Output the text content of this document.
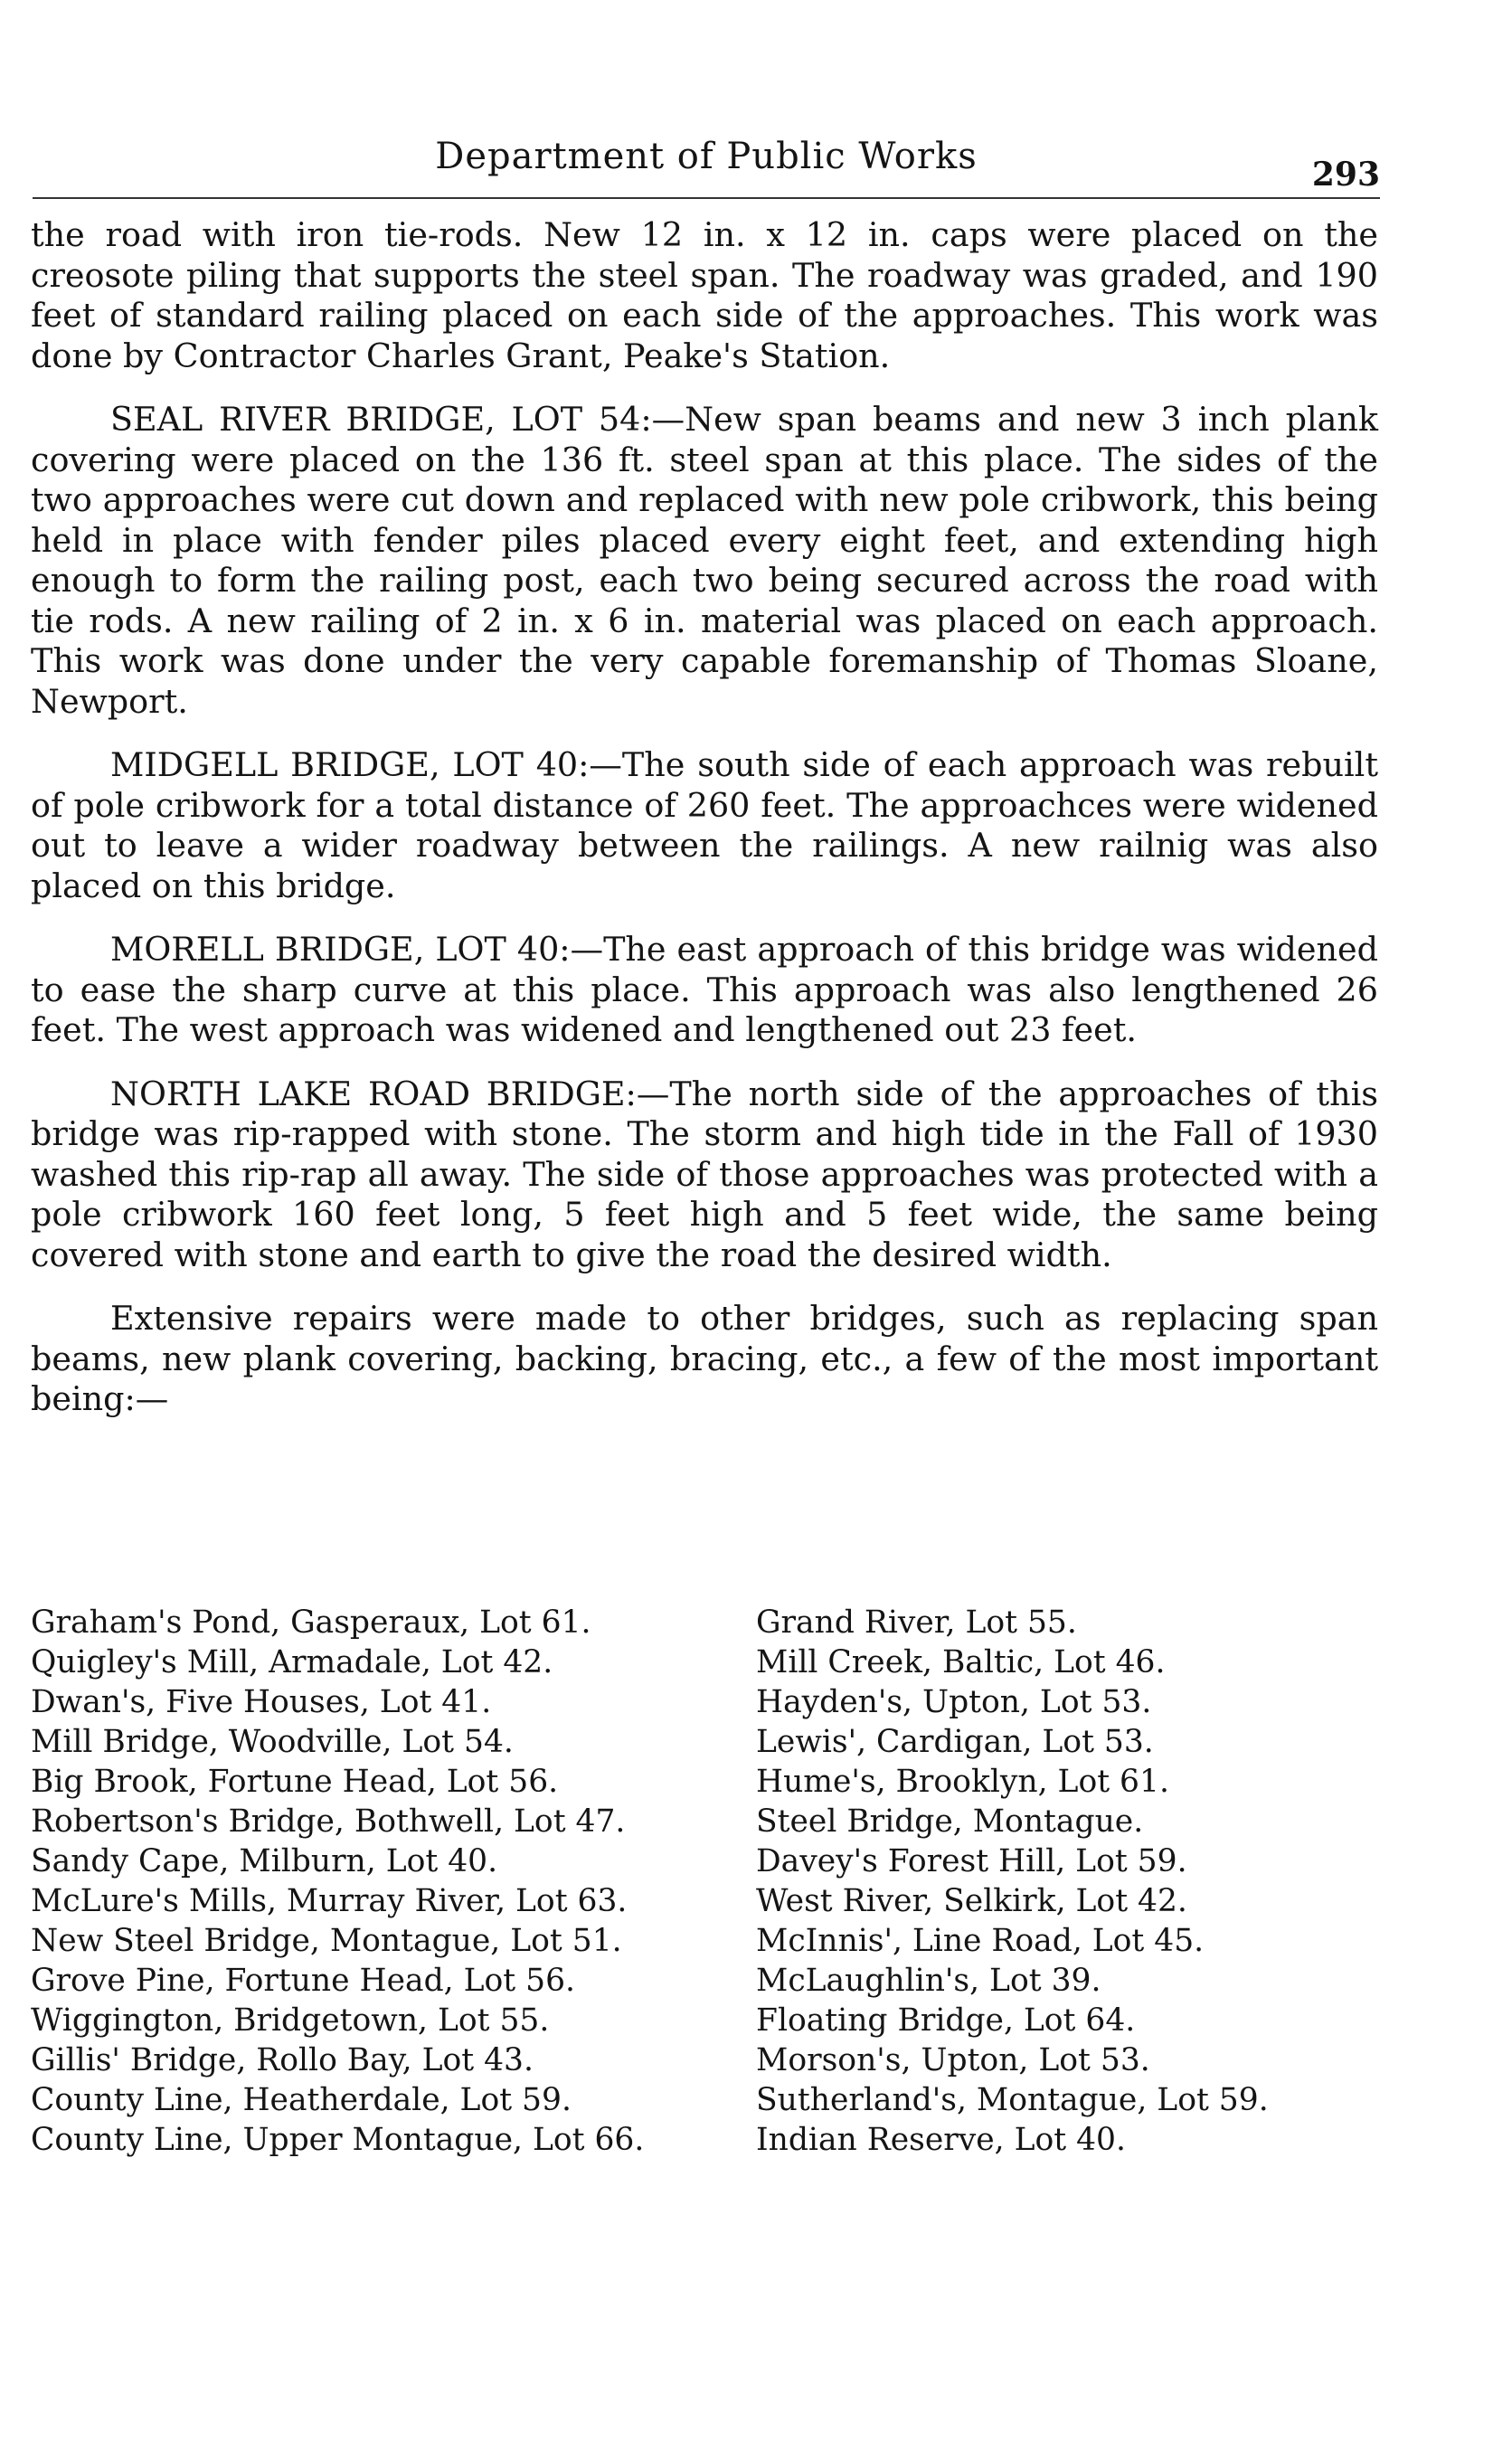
Department of Public Works	293

the road with iron tie-rods. New 12 in. x 12 in. caps were placed on the creosote piling that supports the steel span. The roadway was graded, and 190 feet of standard railing placed on each side of the approaches. This work was done by Contractor Charles Grant, Peake's Station.

SEAL RIVER BRIDGE, LOT 54:—New span beams and new 3 inch plank covering were placed on the 136 ft. steel span at this place. The sides of the two approaches were cut down and replaced with new pole cribwork, this being held in place with fender piles placed every eight feet, and extending high enough to form the railing post, each two being secured across the road with tie rods. A new railing of 2 in. x 6 in. material was placed on each approach. This work was done under the very capable foremanship of Thomas Sloane, Newport.

MIDGELL BRIDGE, LOT 40:—The south side of each approach was rebuilt of pole cribwork for a total distance of 260 feet. The approachces were widened out to leave a wider roadway between the railings. A new railnig was also placed on this bridge.

MORELL BRIDGE, LOT 40:—The east approach of this bridge was widened to ease the sharp curve at this place. This approach was also lengthened 26 feet. The west approach was widened and lengthened out 23 feet.

NORTH LAKE ROAD BRIDGE:—The north side of the approaches of this bridge was rip-rapped with stone. The storm and high tide in the Fall of 1930 washed this rip-rap all away. The side of those approaches was protected with a pole cribwork 160 feet long, 5 feet high and 5 feet wide, the same being covered with stone and earth to give the road the desired width.

Extensive repairs were made to other bridges, such as replacing span beams, new plank covering, backing, bracing, etc., a few of the most important being:—

Graham's Pond, Gasperaux, Lot 61.
Quigley's Mill, Armadale, Lot 42.
Dwan's, Five Houses, Lot 41.
Mill Bridge, Woodville, Lot 54.
Big Brook, Fortune Head, Lot 56.
Robertson's Bridge, Bothwell, Lot 47.
Sandy Cape, Milburn, Lot 40.
McLure's Mills, Murray River, Lot 63.
New Steel Bridge, Montague, Lot 51.
Grove Pine, Fortune Head, Lot 56.
Wiggington, Bridgetown, Lot 55.
Gillis' Bridge, Rollo Bay, Lot 43.
County Line, Heatherdale, Lot 59.
County Line, Upper Montague, Lot 66.
Grand River, Lot 55.
Mill Creek, Baltic, Lot 46.
Hayden's, Upton, Lot 53.
Lewis', Cardigan, Lot 53.
Hume's, Brooklyn, Lot 61.
Steel Bridge, Montague.
Davey's Forest Hill, Lot 59.
West River, Selkirk, Lot 42.
McInnis', Line Road, Lot 45.
McLaughlin's, Lot 39.
Floating Bridge, Lot 64.
Morson's, Upton, Lot 53.
Sutherland's, Montague, Lot 59.
Indian Reserve, Lot 40.
